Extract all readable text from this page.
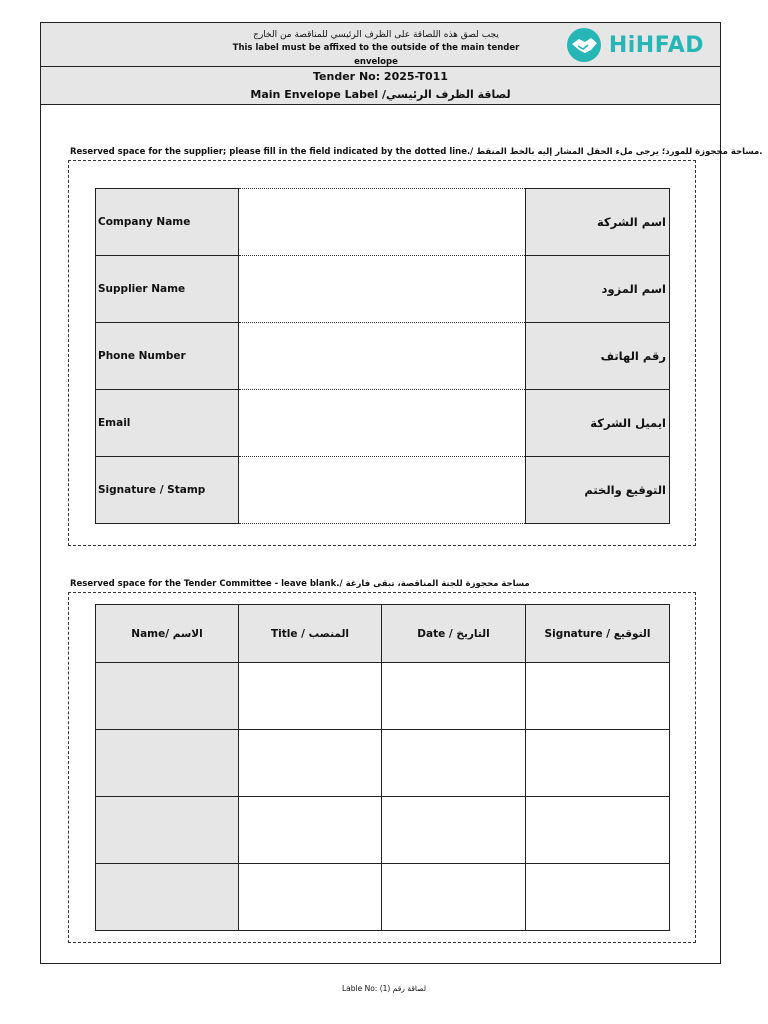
يجب لصق هذه اللصاقة على الظرف الرئيسي للمناقصة من الخارج
This label must be affixed to the outside of the main tender envelope
HiHFAD
Tender No: 2025-T011
Main Envelope Label /لصاقة الظرف الرئيسي
Reserved space for the supplier; please fill in the field indicated by the dotted line./ مساحة محجوزة للمورد؛ يرجى ملء الحقل المشار إليه بالخط المنقط.
Company Name		اسم الشركة
Supplier Name		اسم المزود
Phone Number		رقم الهاتف
Email		ايميل الشركة
Signature / Stamp		التوقيع والختم
Reserved space for the Tender Committee - leave blank./ مساحة محجوزة للجنة المناقصة، تبقى فارغة
Name/ الاسم	Title / المنصب	Date / التاريخ	Signature / التوقيع

Lable No: (1) لصاقة رقم
